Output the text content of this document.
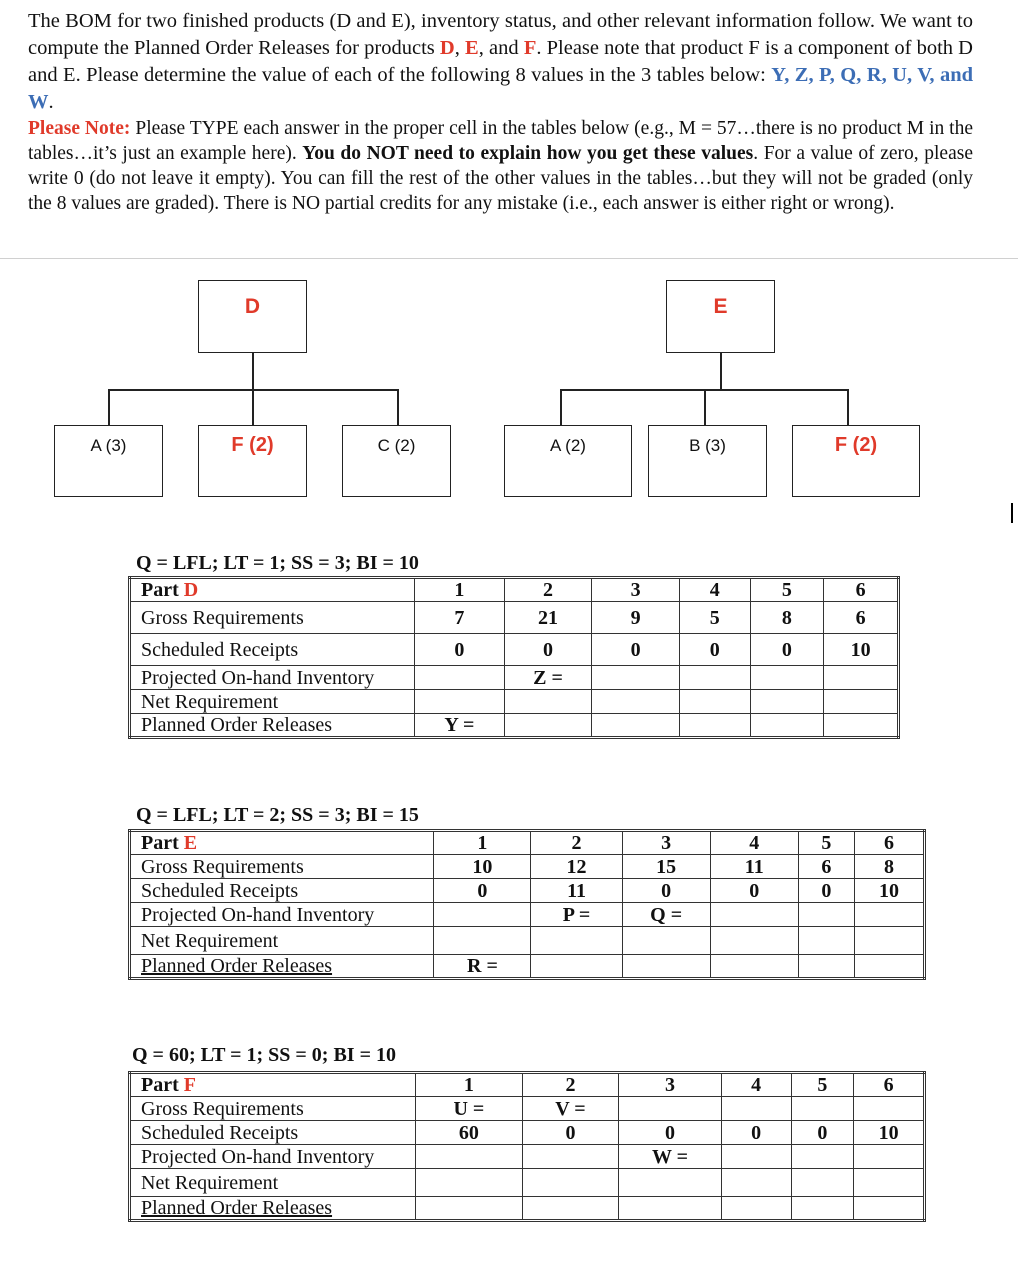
The BOM for two finished products (D and E), inventory status, and other relevant information follow. We want to compute the Planned Order Releases for products D, E, and F. Please note that product F is a component of both D and E. Please determine the value of each of the following 8 values in the 3 tables below: Y, Z, P, Q, R, U, V, and W.

Please Note: Please TYPE each answer in the proper cell in the tables below (e.g., M = 57…there is no product M in the tables…it’s just an example here). You do NOT need to explain how you get these values. For a value of zero, please write 0 (do not leave it empty). You can fill the rest of the other values in the tables…but they will not be graded (only the 8 values are graded). There is NO partial credits for any mistake (i.e., each answer is either right or wrong).

D
A (3)	F (2)	C (2)
E
A (2)	B (3)	F (2)
Q = LFL; LT = 1; SS = 3; BI = 10
Part D	1	2	3	4	5	6
Gross Requirements	7	21	9	5	8	6
Scheduled Receipts	0	0	0	0	0	10
Projected On-hand Inventory		Z =				
Net Requirement						
Planned Order Releases	Y =					
Q = LFL; LT = 2; SS = 3; BI = 15
Part E	1	2	3	4	5	6
Gross Requirements	10	12	15	11	6	8
Scheduled Receipts	0	11	0	0	0	10
Projected On-hand Inventory		P =	Q =			
Net Requirement						
Planned Order Releases	R =					
Q = 60; LT = 1; SS = 0; BI = 10
Part F	1	2	3	4	5	6
Gross Requirements	U =	V =				
Scheduled Receipts	60	0	0	0	0	10
Projected On-hand Inventory			W =			
Net Requirement						
Planned Order Releases						
